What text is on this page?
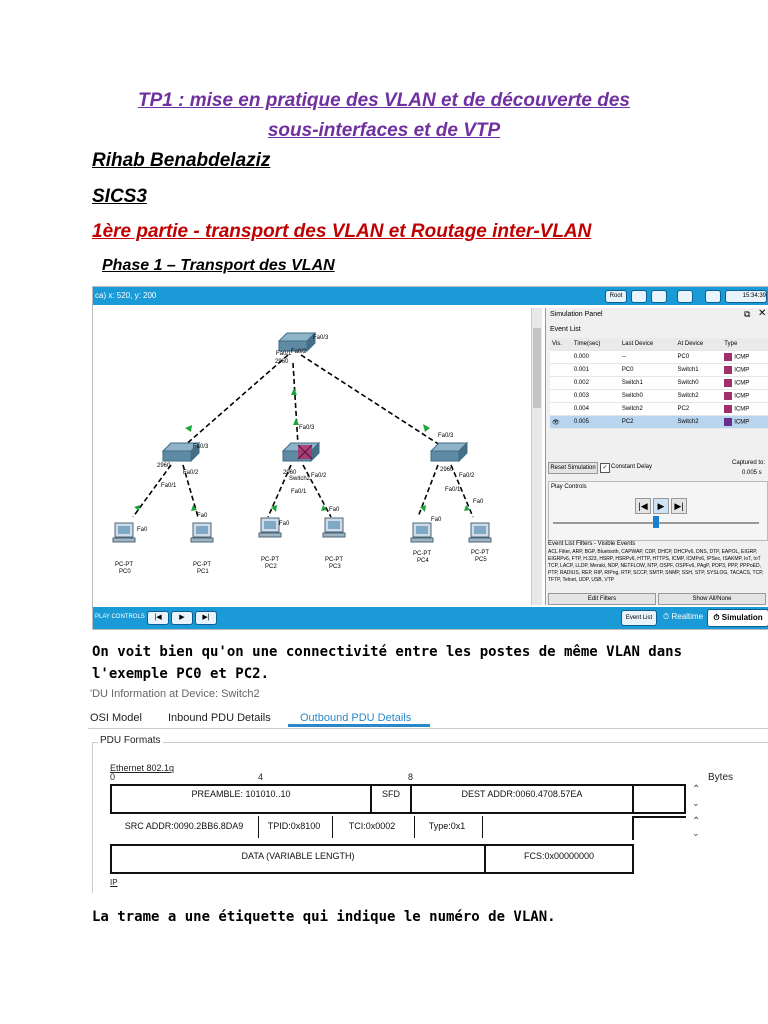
TP1 : mise en pratique des VLAN et de découverte des
sous-interfaces et de VTP
Rihab Benabdelaziz
SICS3
1ère partie - transport des VLAN et Routage inter-VLAN
Phase 1 – Transport des VLAN
ca) x: 520, y: 200	Root	15:34:39
2960
Fa0/3
Fa0/2
Fa0/1
Fa0/3
2960
Fa0/2
Fa0/1
Fa0/3
2960
Switch2 Fa0/2
Fa0/1
Fa0/3
2960
Fa0/2
Fa0/1
Fa0
Fa0
Fa0
Fa0
Fa0
Fa0
PC-PT
PC0
PC-PT
PC1
PC-PT
PC2
PC-PT
PC3
PC-PT
PC4
PC-PT
PC5
Simulation Panel	⧉ ✕
Event List
Vis.	Time(sec)	Last Device	At Device	Type
	0.000	--	PC0	ICMP
	0.001	PC0	Switch1	ICMP
	0.002	Switch1	Switch0	ICMP
	0.003	Switch0	Switch2	ICMP
	0.004	Switch2	PC2	ICMP
👁	0.005	PC2	Switch2	ICMP
Reset Simulation	✓ Constant Delay
Captured to:
0.005 s
Play Controls
|◀	▶	▶|
Event List Filters - Visible Events
ACL Filter, ARP, BGP, Bluetooth, CAPWAP, CDP, DHCP, DHCPv6, DNS, DTP, EAPOL, EIGRP, EIGRPv6, FTP, H.323, HSRP, HSRPv6, HTTP, HTTPS, ICMP, ICMPv6, IPSec, ISAKMP, IoT, IoT TCP, LACP, LLDP, Meraki, NDP, NETFLOW, NTP, OSPF, OSPFv6, PAgP, POP3, PPP, PPPoED, PTP, RADIUS, REP, RIP, RIPng, RTP, SCCP, SMTP, SNMP, SSH, STP, SYSLOG, TACACS, TCP, TFTP, Telnet, UDP, USB, VTP
Edit Filters	Show All/None
PLAY CONTROLS	|◀	▶	▶|	Event List	⏱ Realtime	⏱ Simulation
On voit bien qu'on une connectivité entre les postes de même VLAN dans
l'exemple PC0 et PC2.
'DU Information at Device: Switch2
OSI Model Inbound PDU Details	Outbound PDU Details
PDU Formats
Ethernet 802.1q
0	4	8	Bytes
PREAMBLE: 101010..10	SFD	DEST ADDR:0060.4708.57EA
SRC ADDR:0090.2BB6.8DA9	TPID:0x8100	TCI:0x0002	Type:0x1
DATA (VARIABLE LENGTH)	FCS:0x00000000
IP
⌃
⌄
⌃
⌄
La trame a une étiquette qui indique le numéro de VLAN.
